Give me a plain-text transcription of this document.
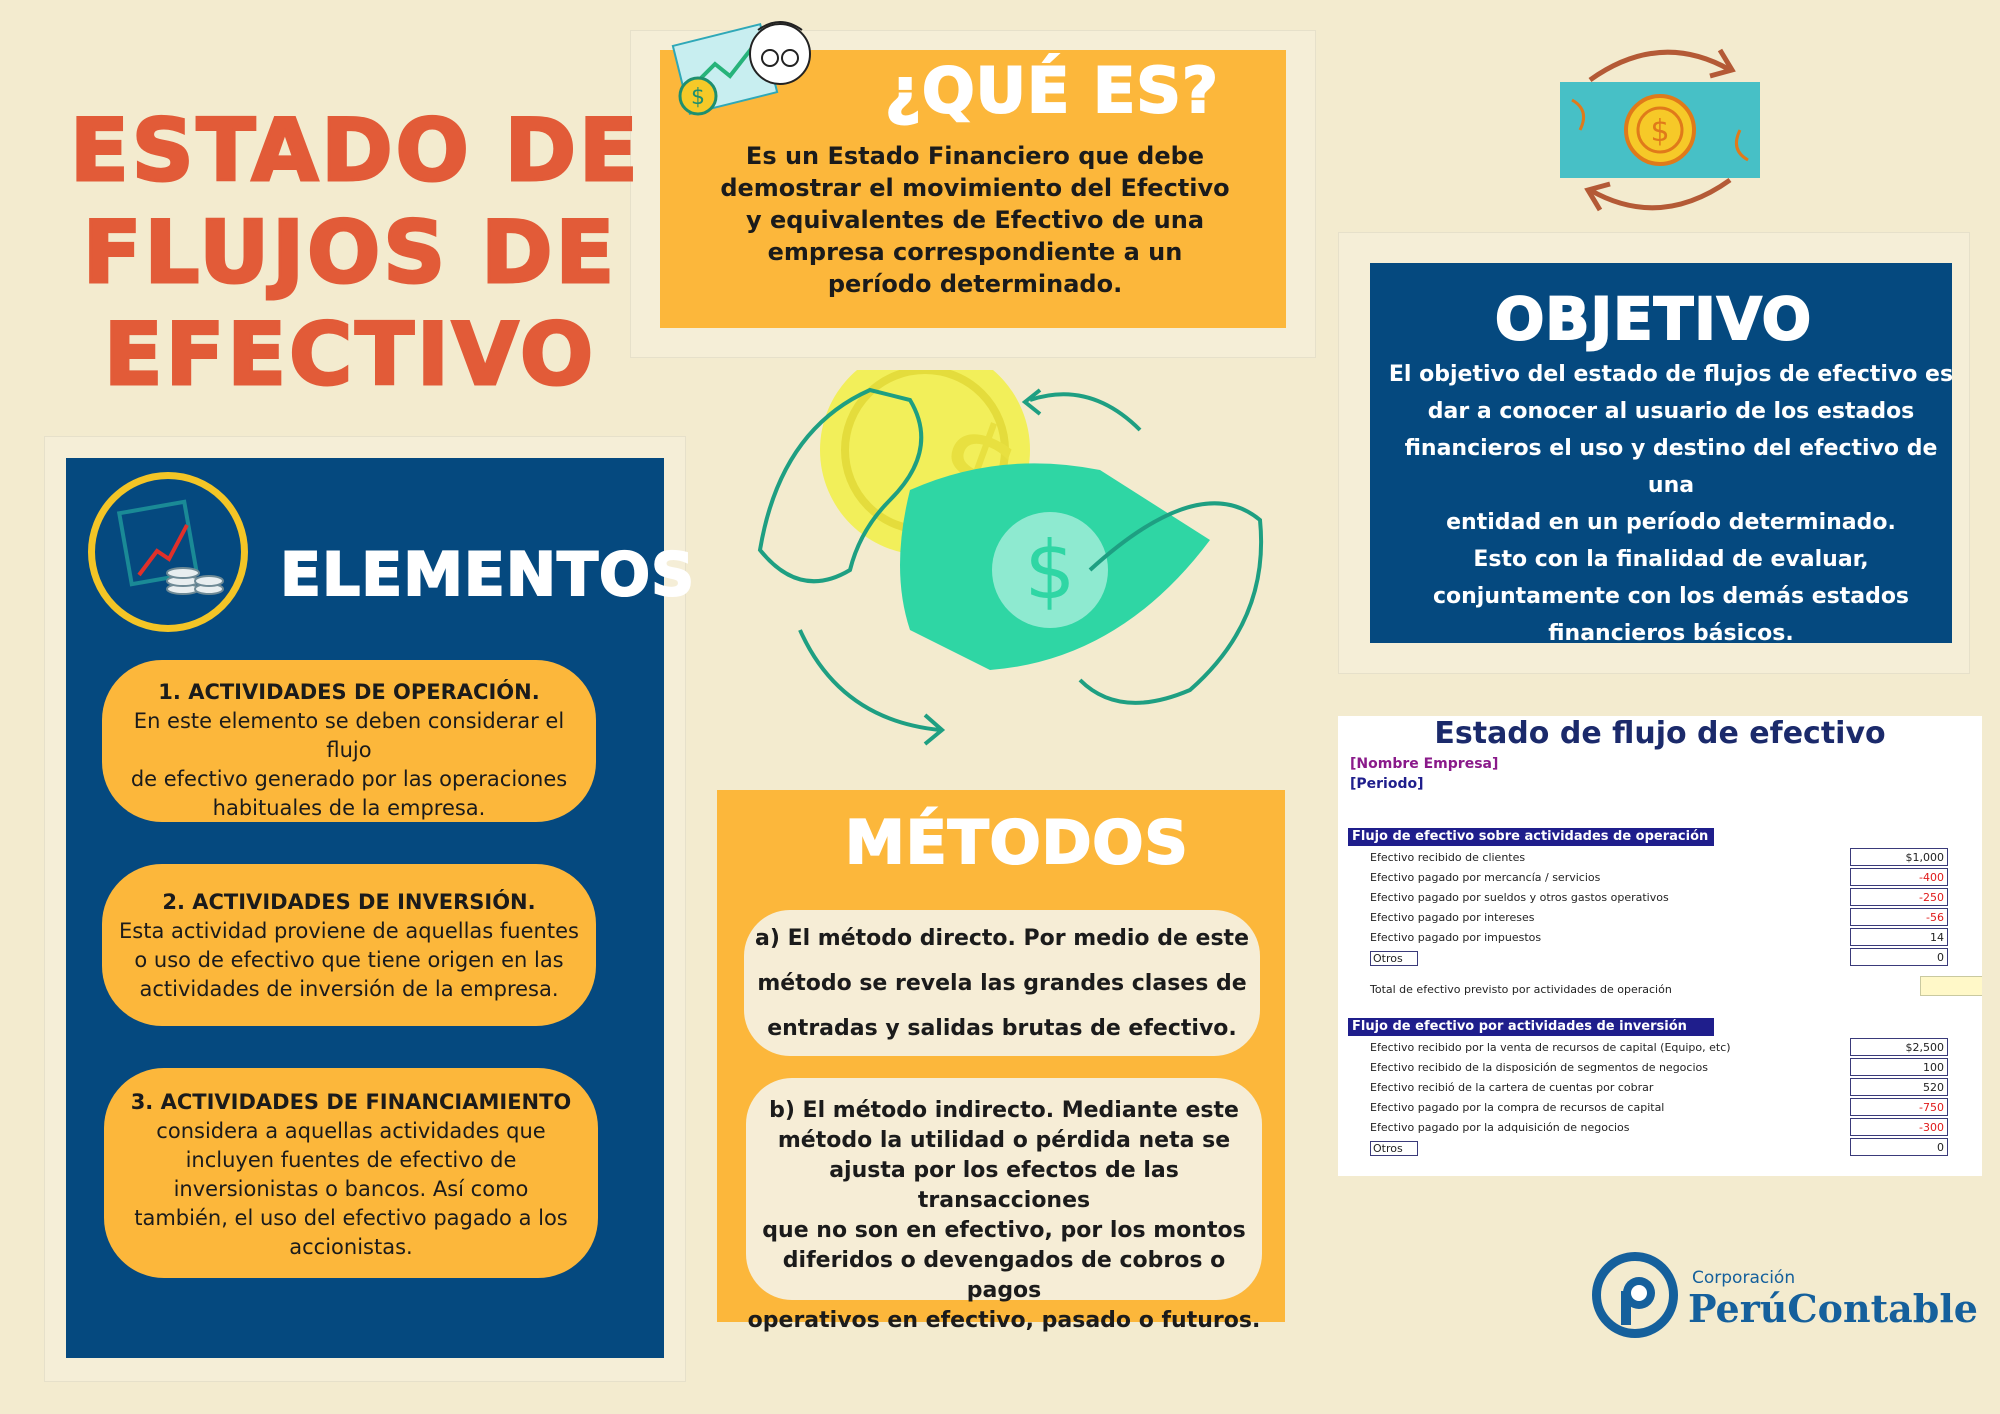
ESTADO DE
FLUJOS DE
EFECTIVO
$	¿QUÉ ES?
Es un Estado Financiero que debe
demostrar el movimiento del Efectivo
y equivalentes de Efectivo de una
empresa correspondiente a un
período determinado.
$
OBJETIVO
El objetivo del estado de flujos de efectivo es
dar a conocer al usuario de los estados
financieros el uso y destino del efectivo de una
entidad en un período determinado.
Esto con la finalidad de evaluar,
conjuntamente con los demás estados
financieros básicos.
ELEMENTOS
1. ACTIVIDADES DE OPERACIÓN.
En este elemento se deben considerar el flujo
de efectivo generado por las operaciones
habituales de la empresa.
2. ACTIVIDADES DE INVERSIÓN.
Esta actividad proviene de aquellas fuentes
o uso de efectivo que tiene origen en las
actividades de inversión de la empresa.
3. ACTIVIDADES DE FINANCIAMIENTO
considera a aquellas actividades que
incluyen fuentes de efectivo de
inversionistas o bancos. Así como
también, el uso del efectivo pagado a los
accionistas.
$
MÉTODOS
a) El método directo. Por medio de este
método se revela las grandes clases de
entradas y salidas brutas de efectivo.
b) El método indirecto. Mediante este
método la utilidad o pérdida neta se
ajusta por los efectos de las transacciones
que no son en efectivo, por los montos
diferidos o devengados de cobros o pagos
operativos en efectivo, pasado o futuros.
Estado de flujo de efectivo
[Nombre Empresa]
[Periodo]
Flujo de efectivo sobre actividades de operación
Efectivo recibido de clientes	$1,000
Efectivo pagado por mercancía / servicios	-400
Efectivo pagado por sueldos y otros gastos operativos	-250
Efectivo pagado por intereses	-56
Efectivo pagado por impuestos	14
Otros	0
Total de efectivo previsto por actividades de operación
Flujo de efectivo por actividades de inversión
Efectivo recibido por la venta de recursos de capital (Equipo, etc)	$2,500
Efectivo recibido de la disposición de segmentos de negocios	100
Efectivo recibió de la cartera de cuentas por cobrar	520
Efectivo pagado por la compra de recursos de capital	-750
Efectivo pagado por la adquisición de negocios	-300
Otros	0
Corporación
PerúContable
